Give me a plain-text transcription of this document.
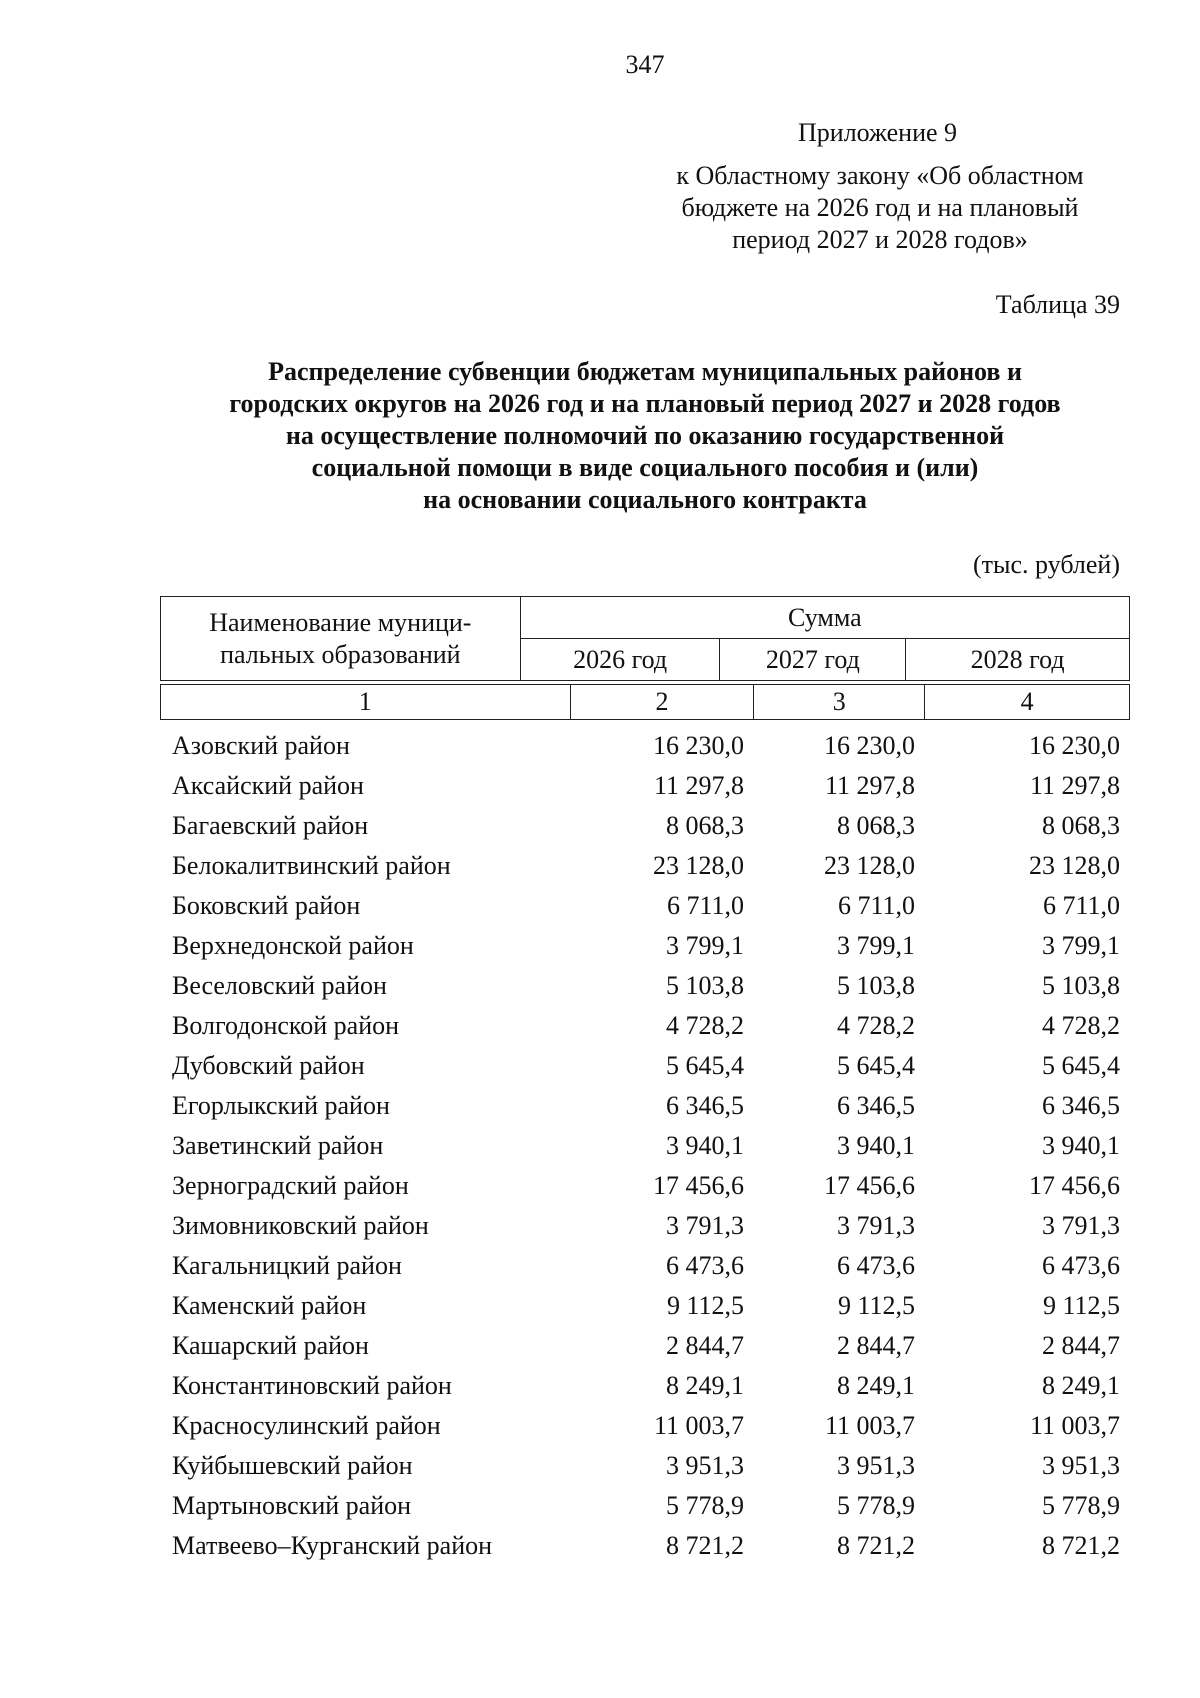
347
Приложение 9
к Областному закону «Об областном
бюджете на 2026 год и на плановый
период 2027 и 2028 годов»
Таблица 39
Распределение субвенции бюджетам муниципальных районов и
городских округов на 2026 год и на плановый период 2027 и 2028 годов
на осуществление полномочий по оказанию государственной
социальной помощи в виде социального пособия и (или)
на основании социального контракта
(тыс. рублей)
Наименование муници-
пальных образований	Сумма		
	2026 год	2027 год	2028 год
1	2	3	4
Азовский район	16 230,0	16 230,0	16 230,0
Аксайский район	11 297,8	11 297,8	11 297,8
Багаевский район	8 068,3	8 068,3	8 068,3
Белокалитвинский район	23 128,0	23 128,0	23 128,0
Боковский район	6 711,0	6 711,0	6 711,0
Верхнедонской район	3 799,1	3 799,1	3 799,1
Веселовский район	5 103,8	5 103,8	5 103,8
Волгодонской район	4 728,2	4 728,2	4 728,2
Дубовский район	5 645,4	5 645,4	5 645,4
Егорлыкский район	6 346,5	6 346,5	6 346,5
Заветинский район	3 940,1	3 940,1	3 940,1
Зерноградский район	17 456,6	17 456,6	17 456,6
Зимовниковский район	3 791,3	3 791,3	3 791,3
Кагальницкий район	6 473,6	6 473,6	6 473,6
Каменский район	9 112,5	9 112,5	9 112,5
Кашарский район	2 844,7	2 844,7	2 844,7
Константиновский район	8 249,1	8 249,1	8 249,1
Красносулинский район	11 003,7	11 003,7	11 003,7
Куйбышевский район	3 951,3	3 951,3	3 951,3
Мартыновский район	5 778,9	5 778,9	5 778,9
Матвеево–Курганский район	8 721,2	8 721,2	8 721,2
